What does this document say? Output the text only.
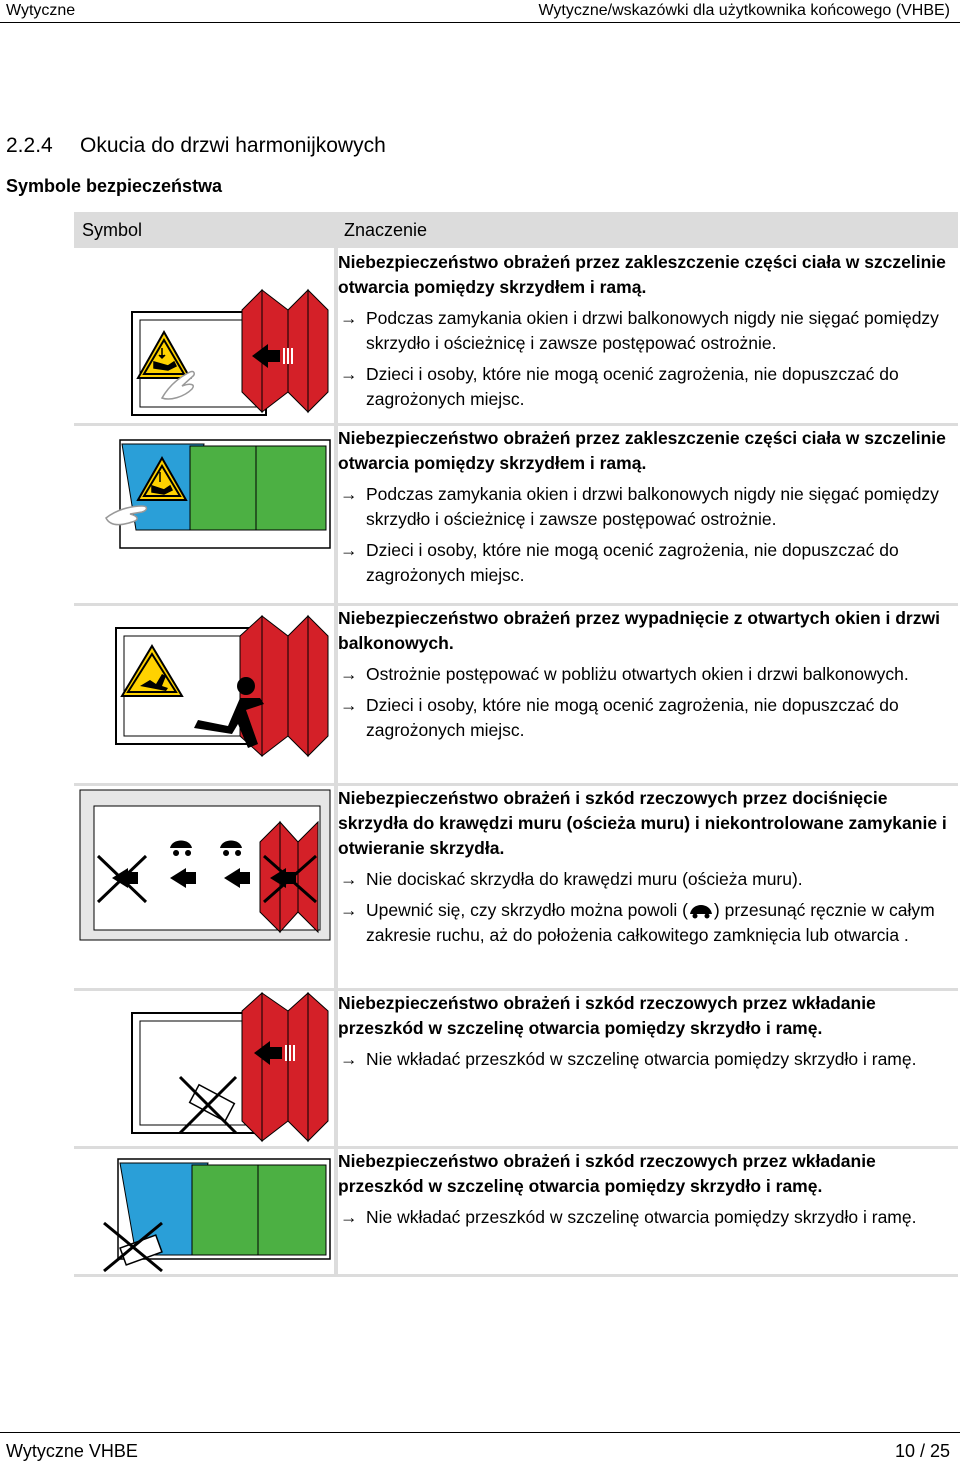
Wytyczne	Wytyczne/wskazówki dla użytkownika końcowego (VHBE)
2.2.4 Okucia do drzwi harmonijkowych
Symbole bezpieczeństwa
Symbol	Znaczenie

Niebezpieczeństwo obrażeń przez zakleszczenie części ciała w szczelinie otwarcia pomiędzy skrzydłem i ramą.
→ Podczas zamykania okien i drzwi balkonowych nigdy nie sięgać pomiędzy skrzydło i ościeżnicę i zawsze postępować ostrożnie.
→ Dzieci i osoby, które nie mogą ocenić zagrożenia, nie dopuszczać do zagrożonych miejsc.

Niebezpieczeństwo obrażeń przez zakleszczenie części ciała w szczelinie otwarcia pomiędzy skrzydłem i ramą.
→ Podczas zamykania okien i drzwi balkonowych nigdy nie sięgać pomiędzy skrzydło i ościeżnicę i zawsze postępować ostrożnie.
→ Dzieci i osoby, które nie mogą ocenić zagrożenia, nie dopuszczać do zagrożonych miejsc.

Niebezpieczeństwo obrażeń przez wypadnięcie z otwartych okien i drzwi balkonowych.
→ Ostrożnie postępować w pobliżu otwartych okien i drzwi balkonowych.
→ Dzieci i osoby, które nie mogą ocenić zagrożenia, nie dopuszczać do zagrożonych miejsc.

Niebezpieczeństwo obrażeń i szkód rzeczowych przez dociśnięcie skrzydła do krawędzi muru (ościeża muru) i niekontrolowane zamykanie i otwieranie skrzydła.
→ Nie dociskać skrzydła do krawędzi muru (ościeża muru).
→ Upewnić się, czy skrzydło można powoli ( ) przesunąć ręcznie w całym zakresie ruchu, aż do położenia całkowitego zamknięcia lub otwarcia .

Niebezpieczeństwo obrażeń i szkód rzeczowych przez wkładanie przeszkód w szczelinę otwarcia pomiędzy skrzydło i ramę.
→ Nie wkładać przeszkód w szczelinę otwarcia pomiędzy skrzydło i ramę.

Niebezpieczeństwo obrażeń i szkód rzeczowych przez wkładanie przeszkód w szczelinę otwarcia pomiędzy skrzydło i ramę.
→ Nie wkładać przeszkód w szczelinę otwarcia pomiędzy skrzydło i ramę.
Wytyczne VHBE	10 / 25
